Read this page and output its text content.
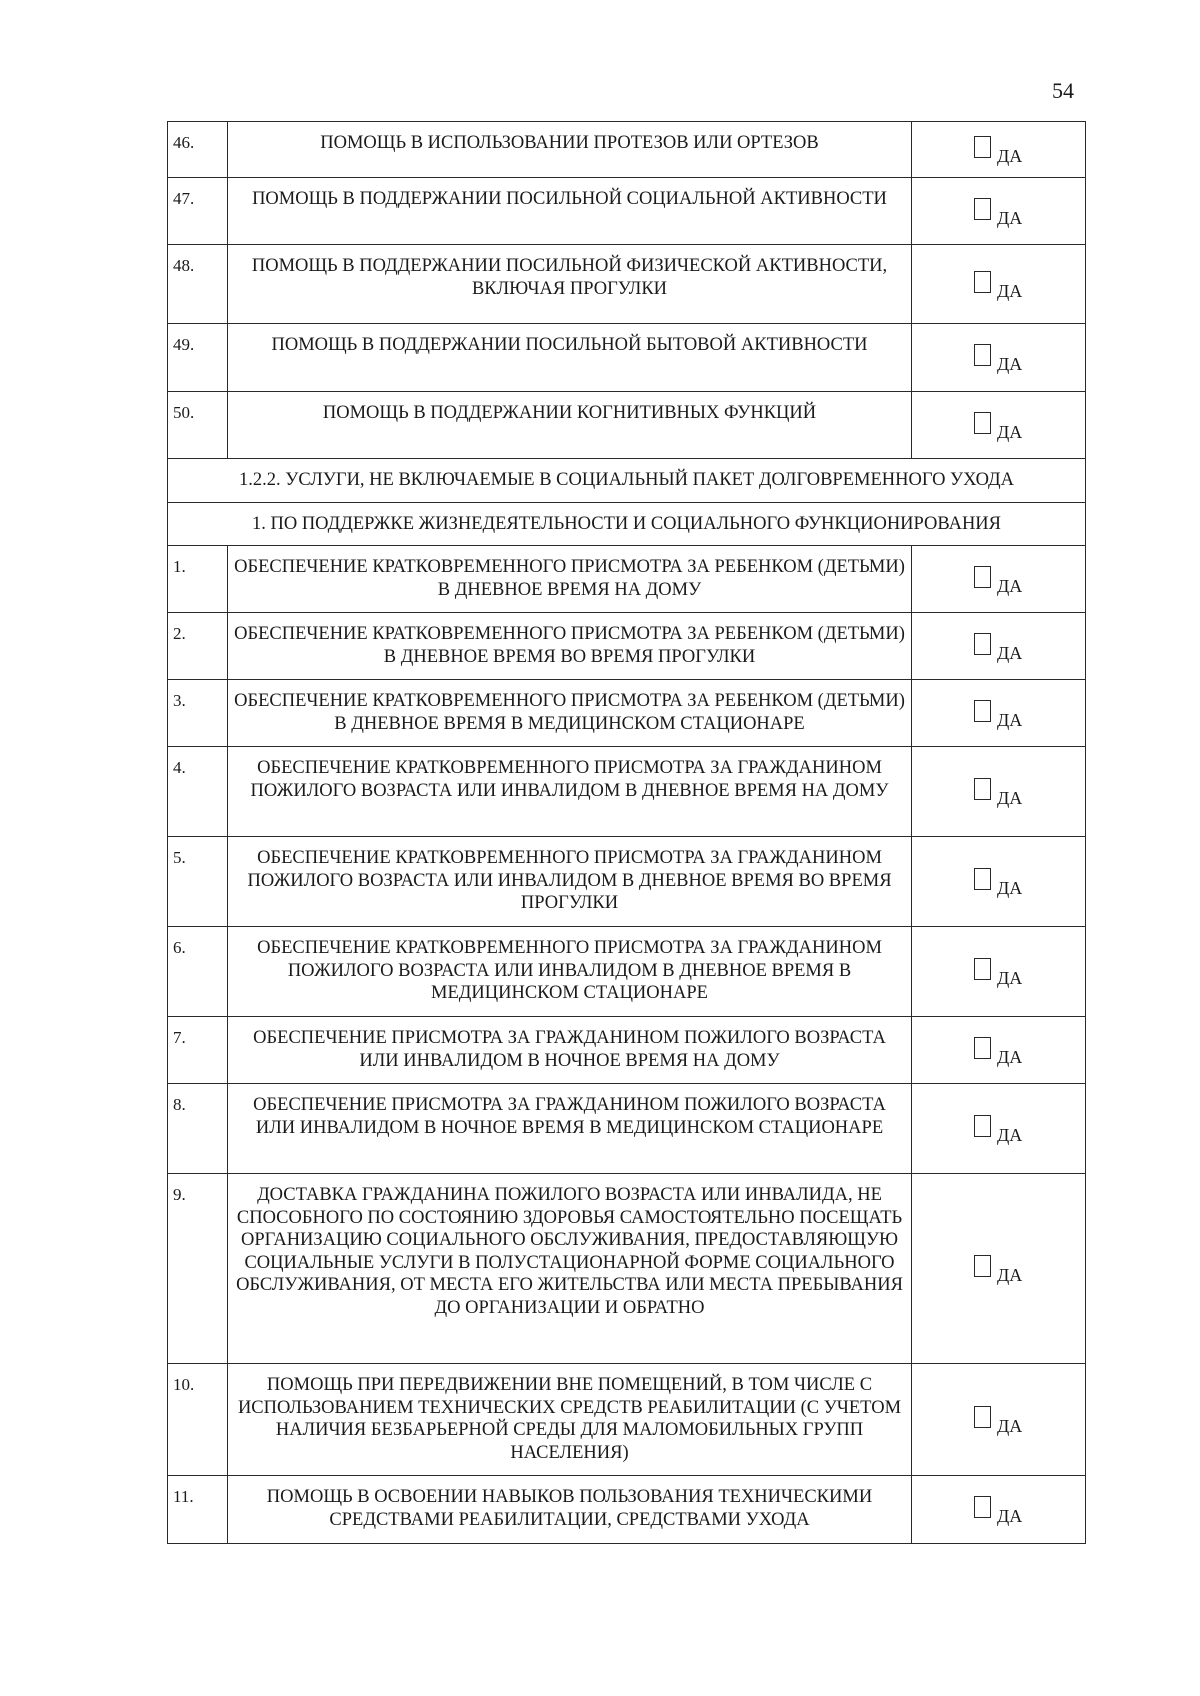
54
46.	ПОМОЩЬ В ИСПОЛЬЗОВАНИИ ПРОТЕЗОВ ИЛИ ОРТЕЗОВ	ДА
47.	ПОМОЩЬ В ПОДДЕРЖАНИИ ПОСИЛЬНОЙ СОЦИАЛЬНОЙ АКТИВНОСТИ	ДА
48.	ПОМОЩЬ В ПОДДЕРЖАНИИ ПОСИЛЬНОЙ ФИЗИЧЕСКОЙ АКТИВНОСТИ, ВКЛЮЧАЯ ПРОГУЛКИ	ДА
49.	ПОМОЩЬ В ПОДДЕРЖАНИИ ПОСИЛЬНОЙ БЫТОВОЙ АКТИВНОСТИ	ДА
50.	ПОМОЩЬ В ПОДДЕРЖАНИИ КОГНИТИВНЫХ ФУНКЦИЙ	ДА
1.2.2. УСЛУГИ, НЕ ВКЛЮЧАЕМЫЕ В СОЦИАЛЬНЫЙ ПАКЕТ ДОЛГОВРЕМЕННОГО УХОДА		
1. ПО ПОДДЕРЖКЕ ЖИЗНЕДЕЯТЕЛЬНОСТИ И СОЦИАЛЬНОГО ФУНКЦИОНИРОВАНИЯ		
1.	ОБЕСПЕЧЕНИЕ КРАТКОВРЕМЕННОГО ПРИСМОТРА ЗА РЕБЕНКОМ (ДЕТЬМИ) В ДНЕВНОЕ ВРЕМЯ НА ДОМУ	ДА
2.	ОБЕСПЕЧЕНИЕ КРАТКОВРЕМЕННОГО ПРИСМОТРА ЗА РЕБЕНКОМ (ДЕТЬМИ) В ДНЕВНОЕ ВРЕМЯ ВО ВРЕМЯ ПРОГУЛКИ	ДА
3.	ОБЕСПЕЧЕНИЕ КРАТКОВРЕМЕННОГО ПРИСМОТРА ЗА РЕБЕНКОМ (ДЕТЬМИ) В ДНЕВНОЕ ВРЕМЯ В МЕДИЦИНСКОМ СТАЦИОНАРЕ	ДА
4.	ОБЕСПЕЧЕНИЕ КРАТКОВРЕМЕННОГО ПРИСМОТРА ЗА ГРАЖДАНИНОМ ПОЖИЛОГО ВОЗРАСТА ИЛИ ИНВАЛИДОМ В ДНЕВНОЕ ВРЕМЯ НА ДОМУ	ДА
5.	ОБЕСПЕЧЕНИЕ КРАТКОВРЕМЕННОГО ПРИСМОТРА ЗА ГРАЖДАНИНОМ ПОЖИЛОГО ВОЗРАСТА ИЛИ ИНВАЛИДОМ В ДНЕВНОЕ ВРЕМЯ ВО ВРЕМЯ ПРОГУЛКИ	ДА
6.	ОБЕСПЕЧЕНИЕ КРАТКОВРЕМЕННОГО ПРИСМОТРА ЗА ГРАЖДАНИНОМ ПОЖИЛОГО ВОЗРАСТА ИЛИ ИНВАЛИДОМ В ДНЕВНОЕ ВРЕМЯ В МЕДИЦИНСКОМ СТАЦИОНАРЕ	ДА
7.	ОБЕСПЕЧЕНИЕ ПРИСМОТРА ЗА ГРАЖДАНИНОМ ПОЖИЛОГО ВОЗРАСТА ИЛИ ИНВАЛИДОМ В НОЧНОЕ ВРЕМЯ НА ДОМУ	ДА
8.	ОБЕСПЕЧЕНИЕ ПРИСМОТРА ЗА ГРАЖДАНИНОМ ПОЖИЛОГО ВОЗРАСТА ИЛИ ИНВАЛИДОМ В НОЧНОЕ ВРЕМЯ В МЕДИЦИНСКОМ СТАЦИОНАРЕ	ДА
9.	ДОСТАВКА ГРАЖДАНИНА ПОЖИЛОГО ВОЗРАСТА ИЛИ ИНВАЛИДА, НЕ СПОСОБНОГО ПО СОСТОЯНИЮ ЗДОРОВЬЯ САМОСТОЯТЕЛЬНО ПОСЕЩАТЬ ОРГАНИЗАЦИЮ СОЦИАЛЬНОГО ОБСЛУЖИВАНИЯ, ПРЕДОСТАВЛЯЮЩУЮ СОЦИАЛЬНЫЕ УСЛУГИ В ПОЛУСТАЦИОНАРНОЙ ФОРМЕ СОЦИАЛЬНОГО ОБСЛУЖИВАНИЯ, ОТ МЕСТА ЕГО ЖИТЕЛЬСТВА ИЛИ МЕСТА ПРЕБЫВАНИЯ ДО ОРГАНИЗАЦИИ И ОБРАТНО	ДА
10.	ПОМОЩЬ ПРИ ПЕРЕДВИЖЕНИИ ВНЕ ПОМЕЩЕНИЙ, В ТОМ ЧИСЛЕ С ИСПОЛЬЗОВАНИЕМ ТЕХНИЧЕСКИХ СРЕДСТВ РЕАБИЛИТАЦИИ (С УЧЕТОМ НАЛИЧИЯ БЕЗБАРЬЕРНОЙ СРЕДЫ ДЛЯ МАЛОМОБИЛЬНЫХ ГРУПП НАСЕЛЕНИЯ)	ДА
11.	ПОМОЩЬ В ОСВОЕНИИ НАВЫКОВ ПОЛЬЗОВАНИЯ ТЕХНИЧЕСКИМИ СРЕДСТВАМИ РЕАБИЛИТАЦИИ, СРЕДСТВАМИ УХОДА	ДА
